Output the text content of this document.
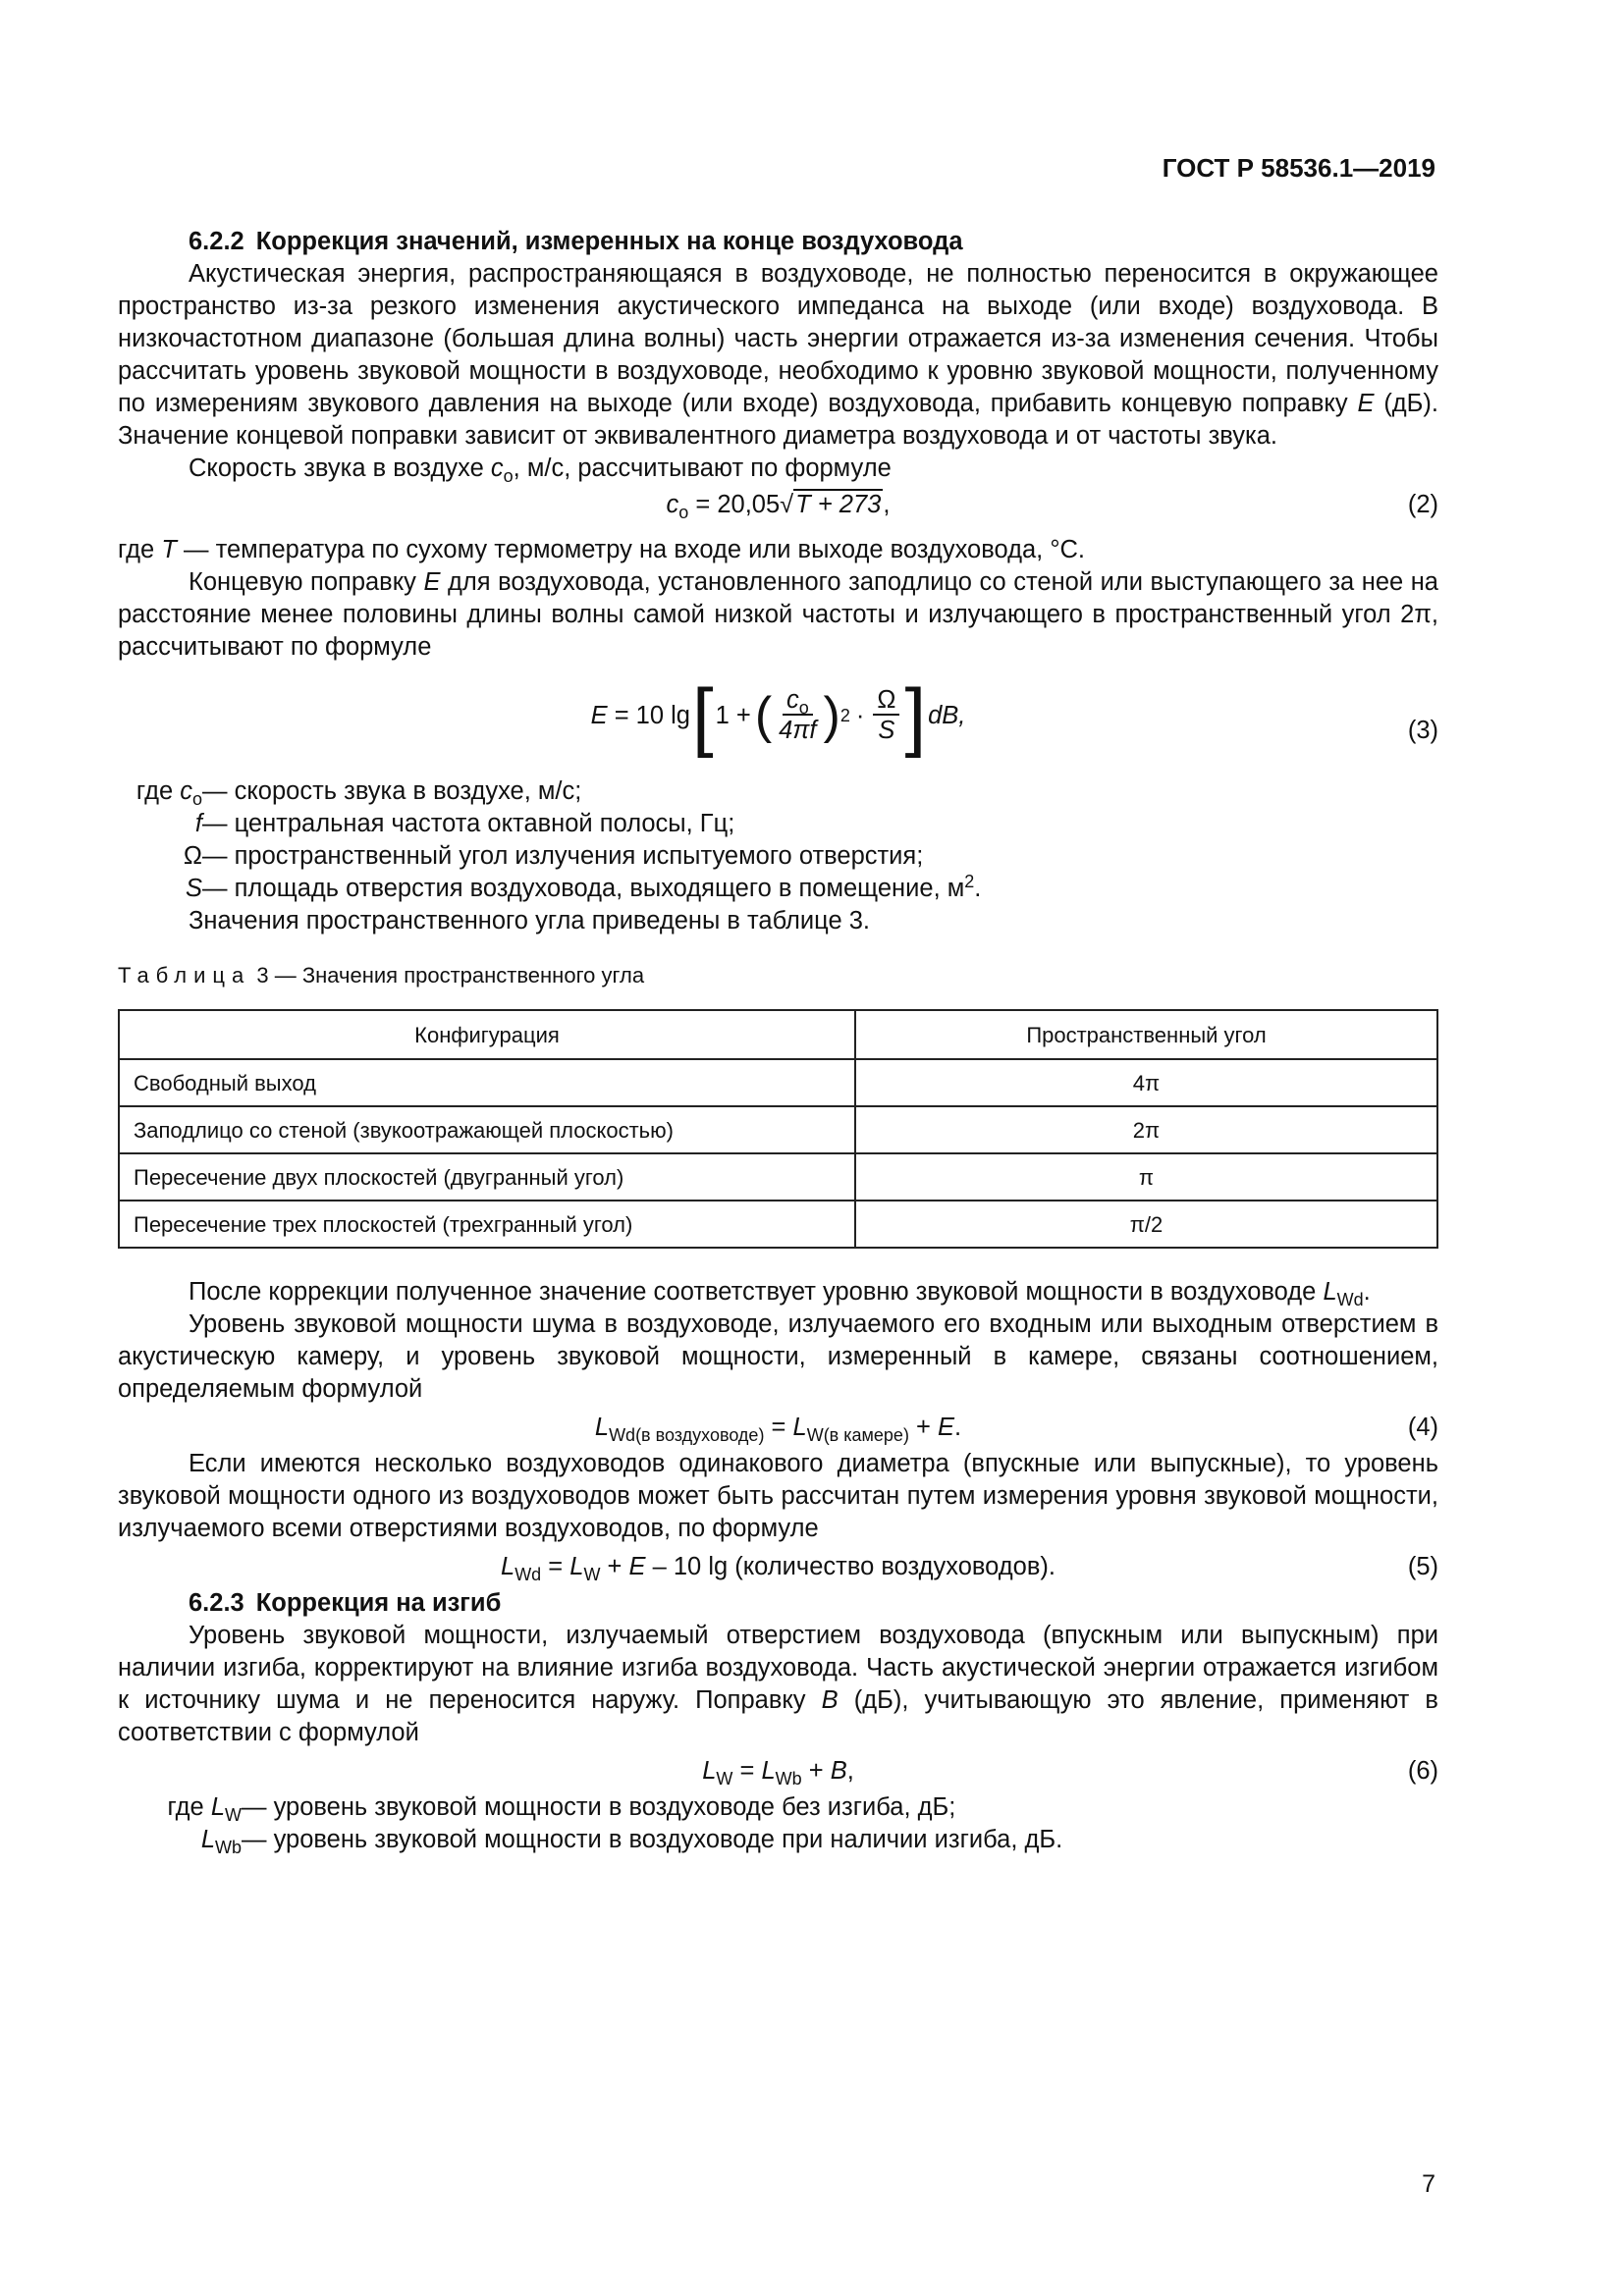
ГОСТ Р 58536.1—2019

6.2.2 Коррекция значений, измеренных на конце воздуховода

Акустическая энергия, распространяющаяся в воздуховоде, не полностью переносится в окружающее пространство из-за резкого изменения акустического импеданса на выходе (или входе) воздуховода. В низкочастотном диапазоне (большая длина волны) часть энергии отражается из-за изменения сечения. Чтобы рассчитать уровень звуковой мощности в воздуховоде, необходимо к уровню звуковой мощности, полученному по измерениям звукового давления на выходе (или входе) воздуховода, прибавить концевую поправку E (дБ). Значение концевой поправки зависит от эквивалентного диаметра воздуховода и от частоты звука.

Скорость звука в воздухе $c_o$, м/с, рассчитывают по формуле

$c_o = 20,05√T + 273$,	(2)

где T — температура по сухому термометру на входе или выходе воздуховода, °С.

Концевую поправку E для воздуховода, установленного заподлицо со стеной или выступающего за нее на расстояние менее половины длины волны самой низкой частоты и излучающего в пространственный угол 2π, рассчитывают по формуле

E
= 10 lg [ 1 + ( $\frac{c_o}{4\pi f}$ ) $2 \cdot \frac{\Omega}{S}$ ] dB,
(3)
где $c_o$ — скорость звука в воздухе, м/с;
f — центральная частота октавной полосы, Гц;
Ω — пространственный угол излучения испытуемого отверстия;
S — площадь отверстия воздуховода, выходящего в помещение, $м^2$.

Значения пространственного угла приведены в таблице 3.

Таблица 3 — Значения пространственного угла
Конфигурация	Пространственный угол
Свободный выход	4π
Заподлицо со стеной (звукоотражающей плоскостью)	2π
Пересечение двух плоскостей (двугранный угол)	π
Пересечение трех плоскостей (трехгранный угол)	π/2

После коррекции полученное значение соответствует уровню звуковой мощности в воздуховоде $L_{Wd}$.

Уровень звуковой мощности шума в воздуховоде, излучаемого его входным или выходным отверстием в акустическую камеру, и уровень звуковой мощности, измеренный в камере, связаны соотношением, определяемым формулой

$L_{Wd(в воздуховоде)} = L_{W(в камере)} + E$.	(4)

Если имеются несколько воздуховодов одинакового диаметра (впускные или выпускные), то уровень звуковой мощности одного из воздуховодов может быть рассчитан путем измерения уровня звуковой мощности, излучаемого всеми отверстиями воздуховодов, по формуле

$L_{Wd} = L_W + E - 10$ lg (количество воздуховодов).	(5)

6.2.3 Коррекция на изгиб

Уровень звуковой мощности, излучаемый отверстием воздуховода (впускным или выпускным) при наличии изгиба, корректируют на влияние изгиба воздуховода. Часть акустической энергии отражается изгибом к источнику шума и не переносится наружу. Поправку B (дБ), учитывающую это явление, применяют в соответствии с формулой

$L_W = L_{Wb} + B$,	(6)
где $L_W$ — уровень звуковой мощности в воздуховоде без изгиба, дБ;
$L_{Wb}$ — уровень звуковой мощности в воздуховоде при наличии изгиба, дБ.
7
